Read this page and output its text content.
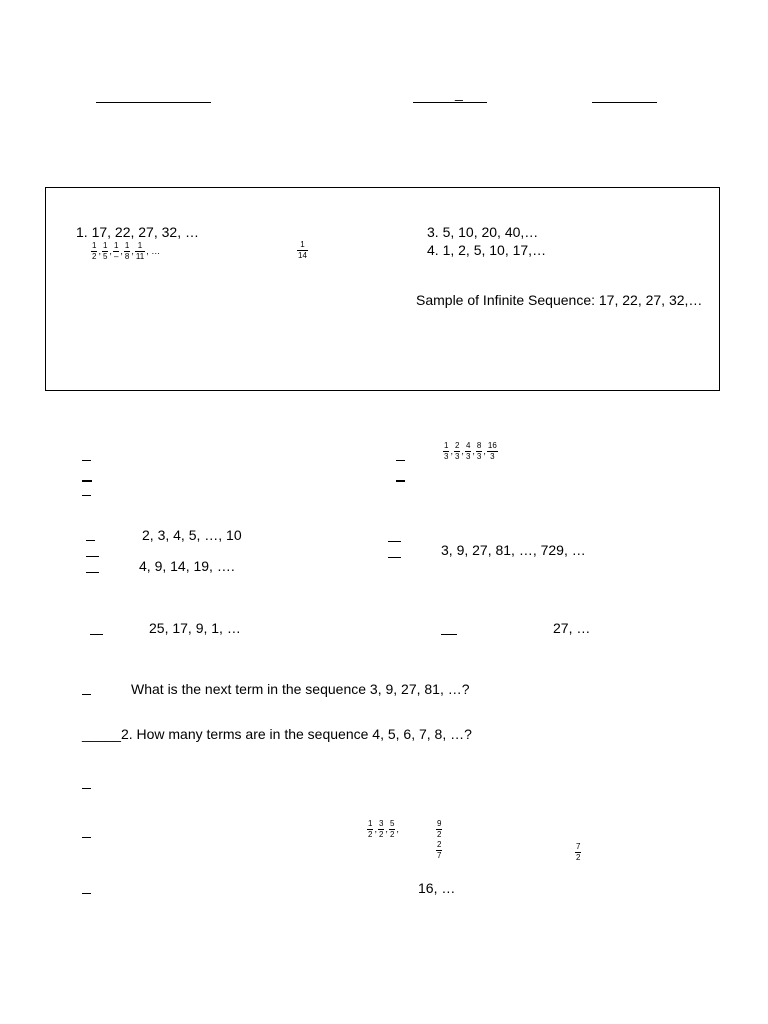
_
1. 17, 22, 27, 32, …
$\frac{1}{2}$ , $\frac{1}{5}$ , $\frac{1}{-}$ , $\frac{1}{8}$ , $\frac{1}{11}$ , …	$\frac{1}{14}$
3. 5, 10, 20, 40,…
4. 1, 2, 5, 10, 17,…
Sample of Infinite Sequence: 17, 22, 27, 32,…
$\frac{1}{3}$ , $\frac{2}{3}$ , $\frac{4}{3}$ , $\frac{8}{3}$ , $\frac{16}{3}$
2, 3, 4, 5, …, 10
4, 9, 14, 19, ….
3, 9, 27, 81, …, 729, …
25, 17, 9, 1, …	27, …
What is the next term in the sequence 3, 9, 27, 81, …?
_____2. How many terms are in the sequence 4, 5, 6, 7, 8, …?
$\frac{1}{2}$ , $\frac{3}{2}$ , $\frac{5}{2}$ ,
9
2
2
7	$\frac{7}{2}$
16, …
